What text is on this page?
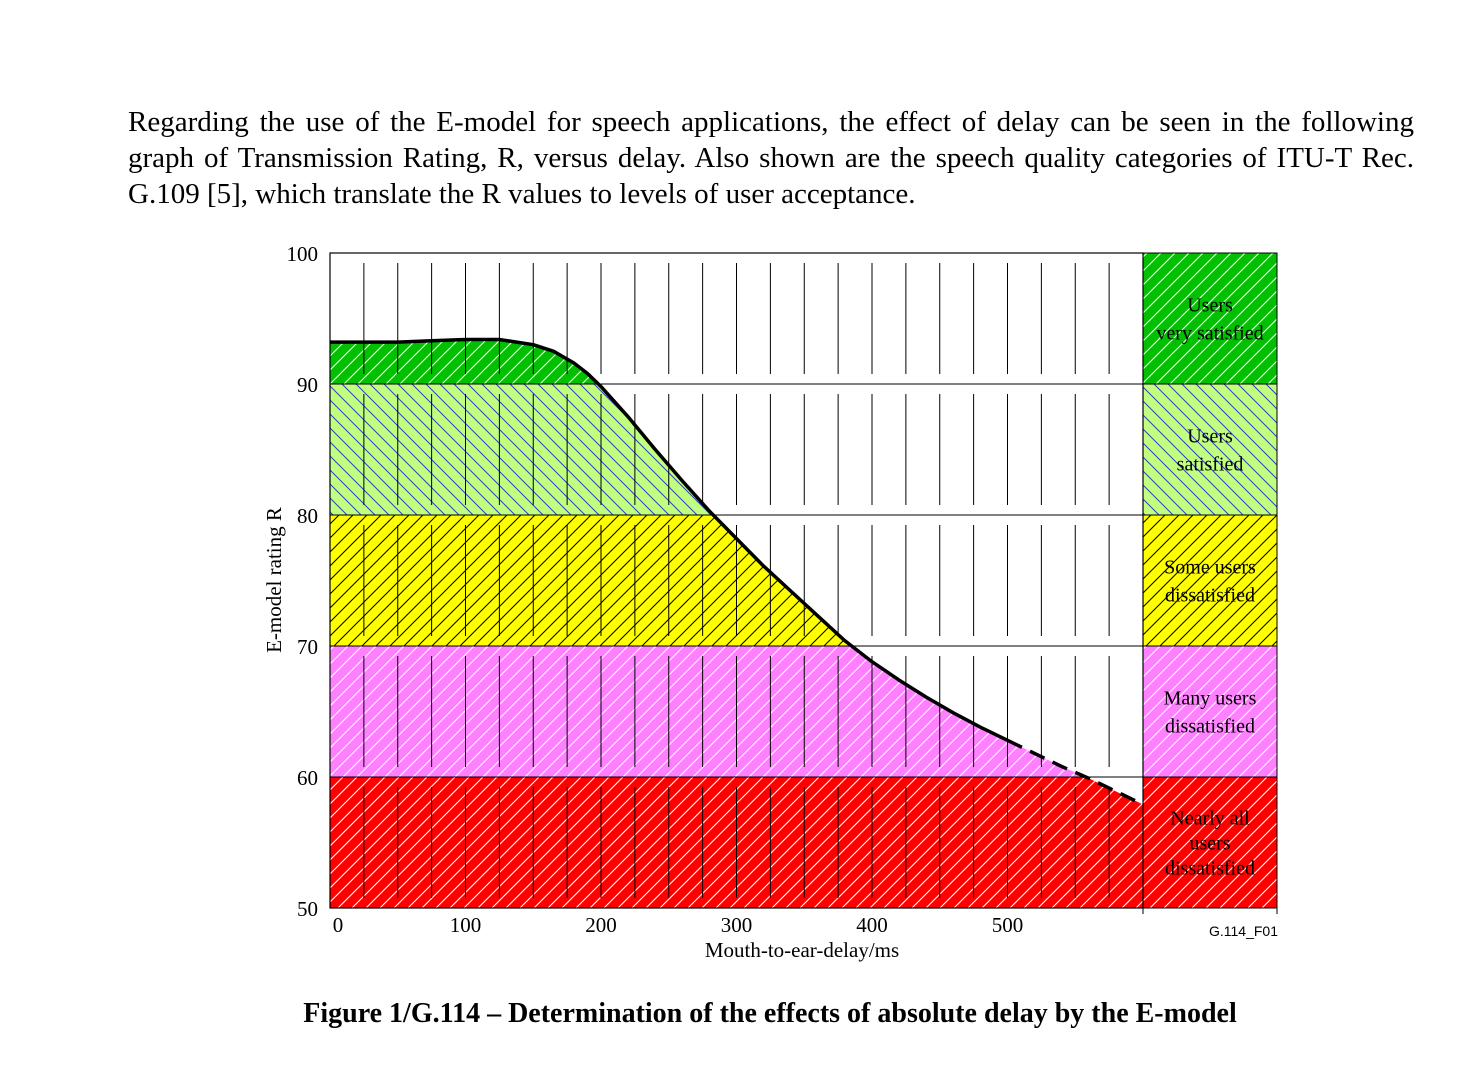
Regarding the use of the E-model for speech applications, the effect of delay can be seen in the following graph of Transmission Rating, R, versus delay. Also shown are the speech quality categories of ITU-T Rec. G.109 [5], which translate the R values to levels of user acceptance.

Users
very satisfied
Users
satisfied
Some users
dissatisfied
Many users
dissatisfied
Nearly all
users
dissatisfied
50
60
70
80
90
100
0	100	200	300	400	500
Mouth-to-ear-delay/ms
E-model rating R
G.114_F01

Figure 1/G.114 – Determination of the effects of absolute delay by the E-model
